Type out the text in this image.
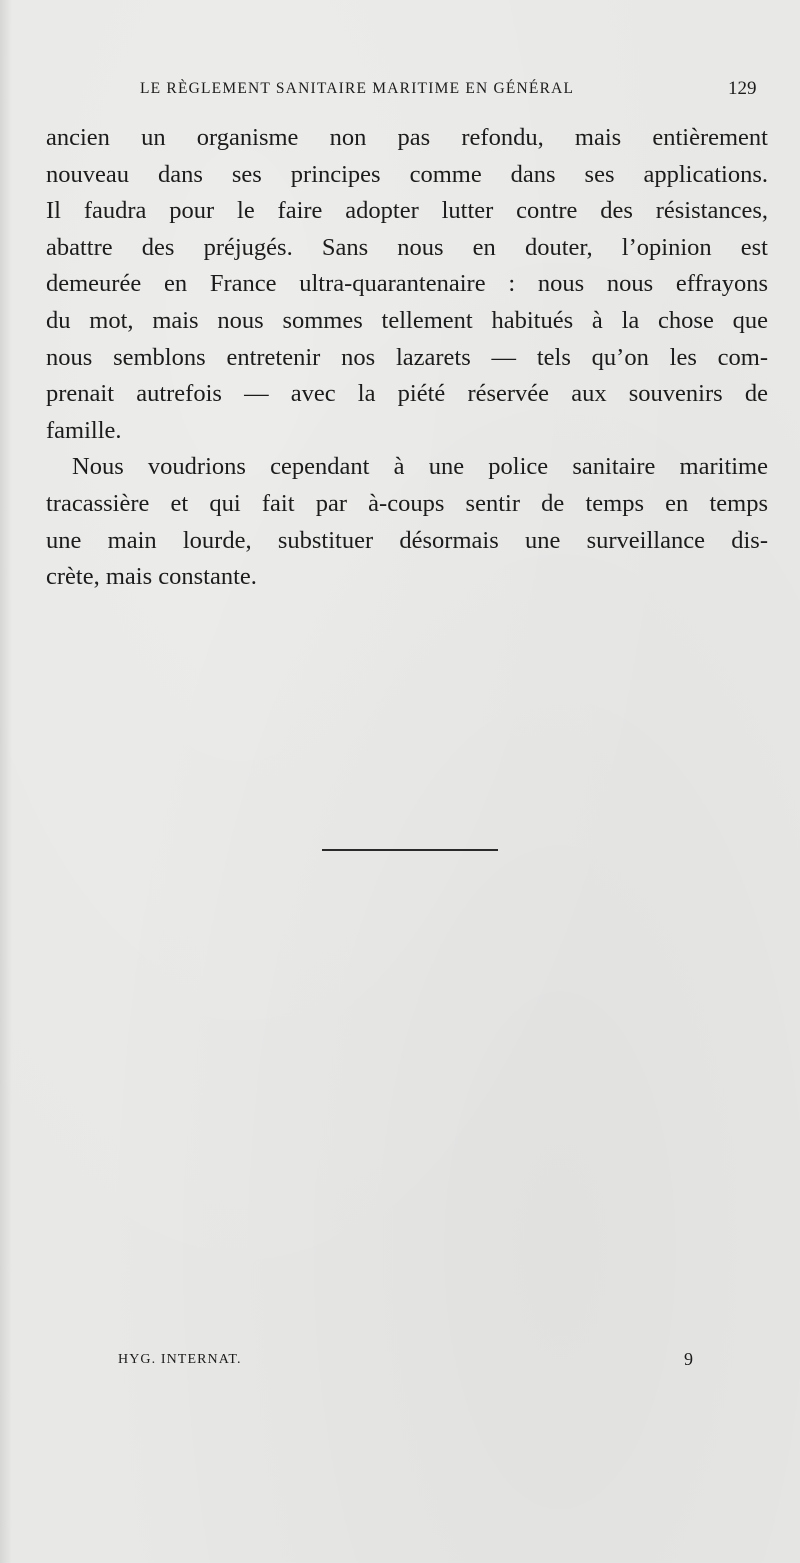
LE RÈGLEMENT SANITAIRE MARITIME EN GÉNÉRAL	129
ancien un organisme non pas refondu, mais entièrement
nouveau dans ses principes comme dans ses applications.
Il faudra pour le faire adopter lutter contre des résistances,
abattre des préjugés. Sans nous en douter, l’opinion est
demeurée en France ultra-quarantenaire : nous nous effrayons
du mot, mais nous sommes tellement habitués à la chose que
nous semblons entretenir nos lazarets — tels qu’on les com-
prenait autrefois — avec la piété réservée aux souvenirs de
famille.
Nous voudrions cependant à une police sanitaire maritime
tracassière et qui fait par à-coups sentir de temps en temps
une main lourde, substituer désormais une surveillance dis-
crète, mais constante.
HYG. INTERNAT.	9
